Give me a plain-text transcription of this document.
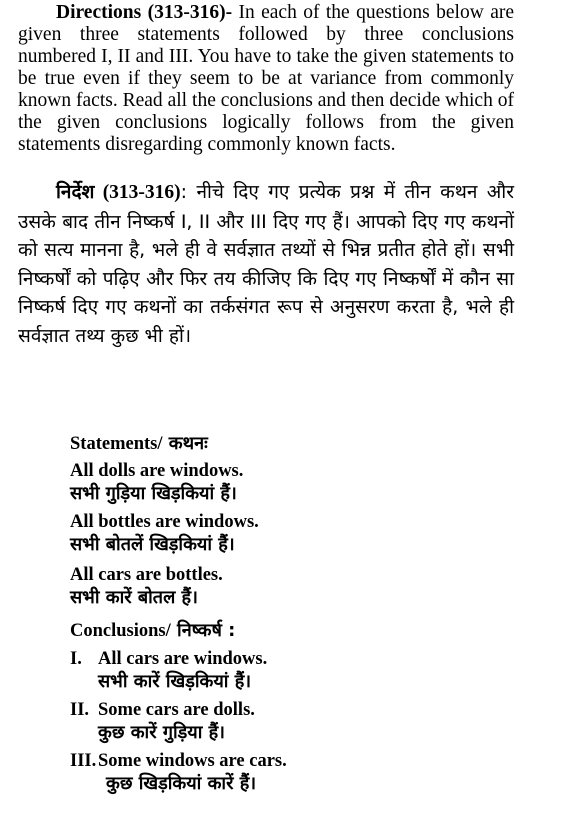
Directions (313-316)- In each of the questions below are given three statements followed by three conclusions numbered I, II and III. You have to take the given statements to be true even if they seem to be at variance from commonly known facts. Read all the conclusions and then decide which of the given conclusions logically follows from the given statements disregarding commonly known facts.
निर्देश (313-316): नीचे दिए गए प्रत्येक प्रश्न में तीन कथन और उसके बाद तीन निष्कर्ष I, II और III दिए गए हैं। आपको दिए गए कथनों को सत्य मानना है, भले ही वे सर्वज्ञात तथ्यों से भिन्न प्रतीत होते हों। सभी निष्कर्षों को पढ़िए और फिर तय कीजिए कि दिए गए निष्कर्षों में कौन सा निष्कर्ष दिए गए कथनों का तर्कसंगत रूप से अनुसरण करता है, भले ही सर्वज्ञात तथ्य कुछ भी हों।
Statements/ कथनः
All dolls are windows.
सभी गुड़िया खिड़कियां हैं।
All bottles are windows.
सभी बोतलें खिड़कियां हैं।
All cars are bottles.
सभी कारें बोतल हैं।
Conclusions/ निष्कर्ष :
I. All cars are windows.
सभी कारें खिड़कियां हैं।
II. Some cars are dolls.
कुछ कारें गुड़िया हैं।
III. Some windows are cars.
कुछ खिड़कियां कारें हैं।
